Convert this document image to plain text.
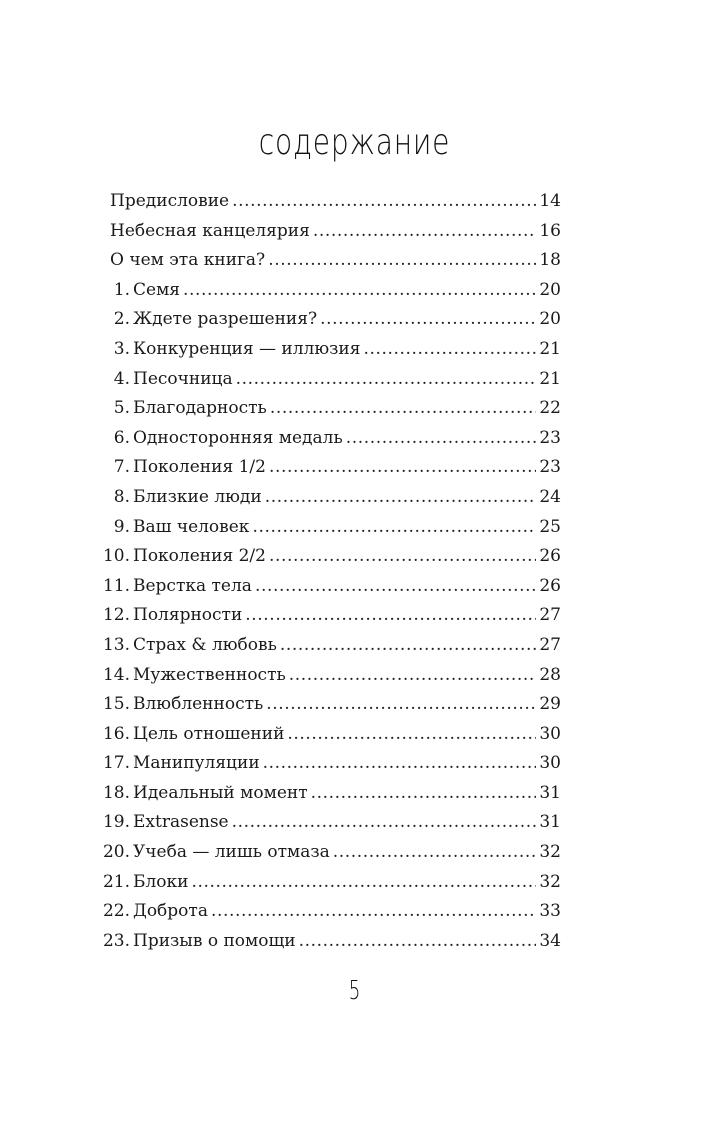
содержание
Предисловие .....	14
Небесная канцелярия .....	16
О чем эта книга? .....	18
1. Семя .....	20
2. Ждете разрешения? .....	20
3. Конкуренция — иллюзия .....	21
4. Песочница .....	21
5. Благодарность .....	22
6. Односторонняя медаль .....	23
7. Поколения 1/2 .....	23
8. Близкие люди .....	24
9. Ваш человек .....	25
10. Поколения 2/2 .....	26
11. Верстка тела .....	26
12. Полярности .....	27
13. Страх & любовь .....	27
14. Мужественность .....	28
15. Влюбленность .....	29
16. Цель отношений .....	30
17. Манипуляции .....	30
18. Идеальный момент .....	31
19. Extrasense .....	31
20. Учеба — лишь отмаза .....	32
21. Блоки .....	32
22. Доброта .....	33
23. Призыв о помощи .....	34
5
